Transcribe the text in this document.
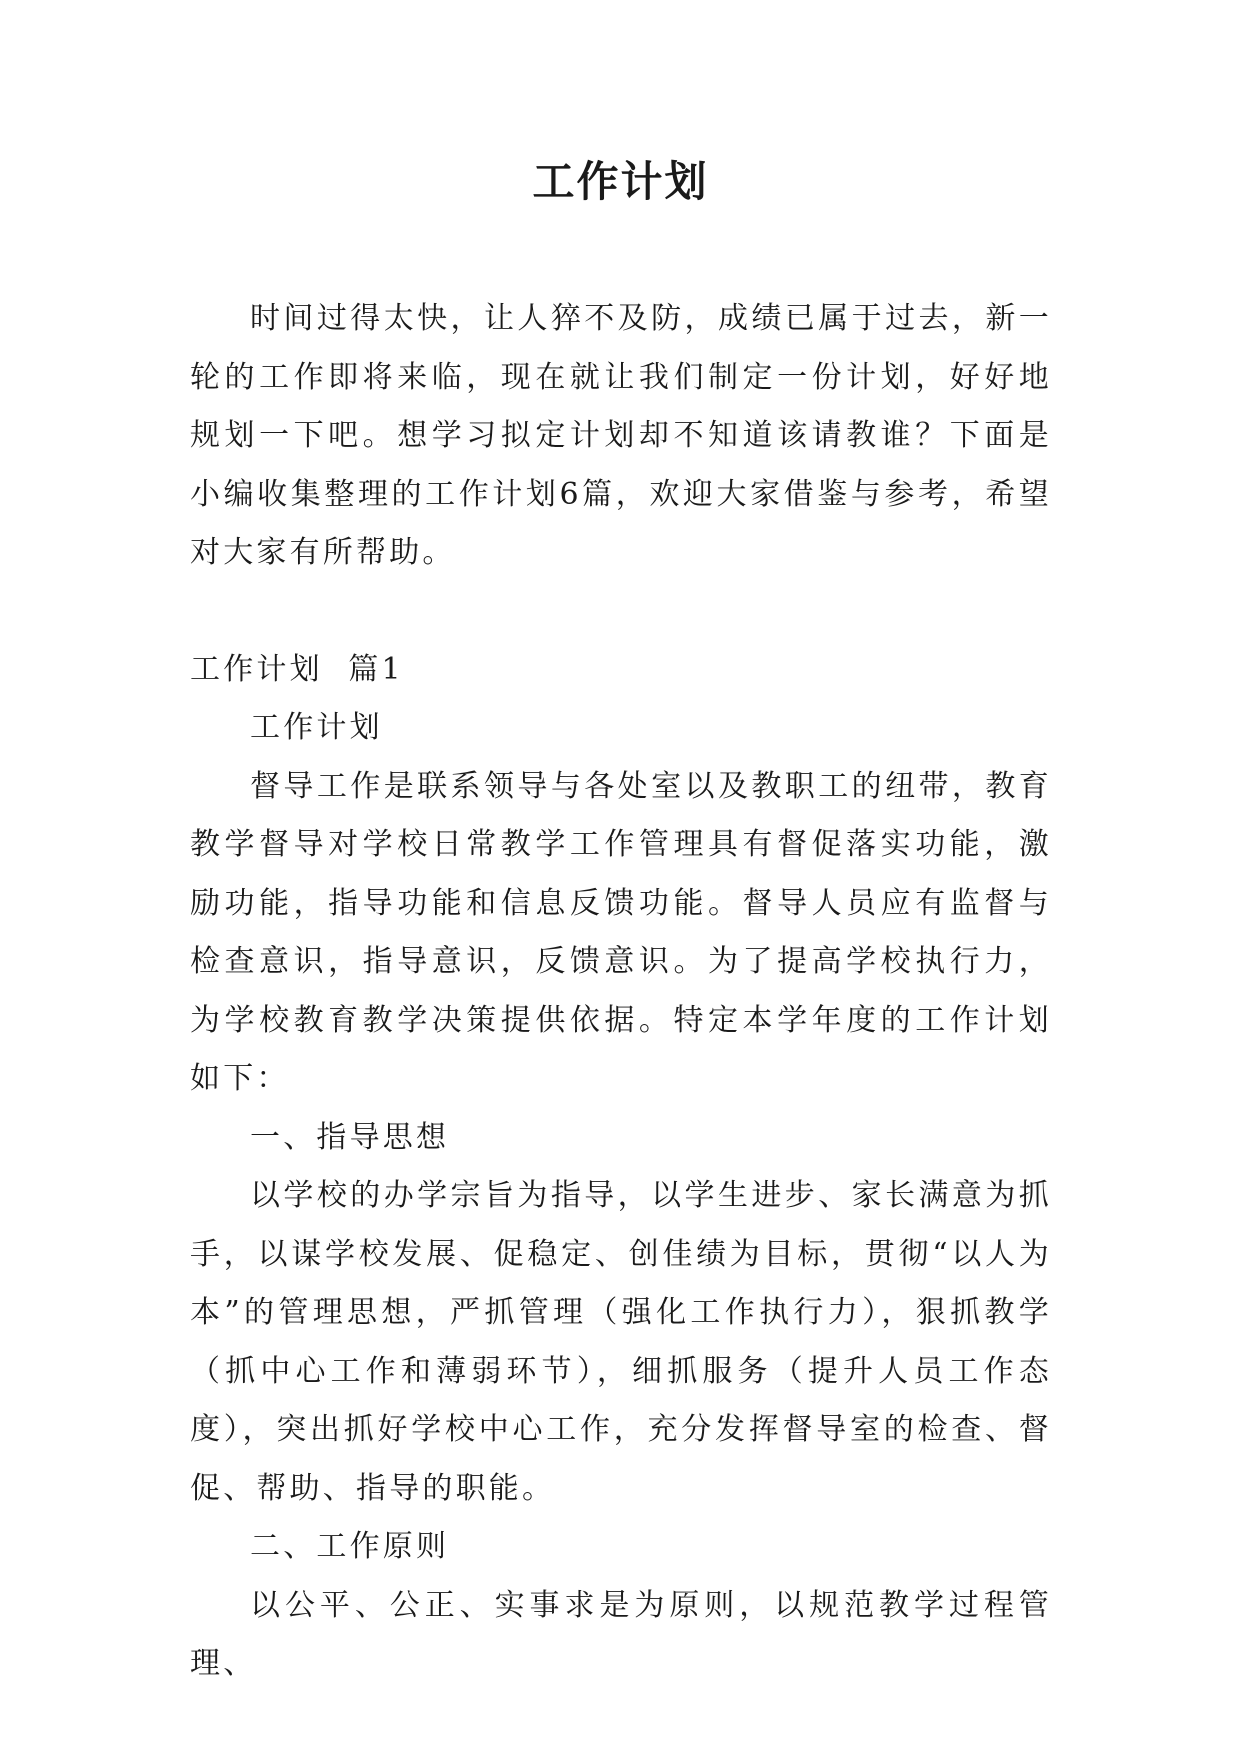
工作计划

时间过得太快，让人猝不及防，成绩已属于过去，新一轮的工作即将来临，现在就让我们制定一份计划，好好地规划一下吧。想学习拟定计划却不知道该请教谁？下面是小编收集整理的工作计划6篇，欢迎大家借鉴与参考，希望对大家有所帮助。

工作计划  篇1

工作计划

督导工作是联系领导与各处室以及教职工的纽带，教育教学督导对学校日常教学工作管理具有督促落实功能，激励功能，指导功能和信息反馈功能。督导人员应有监督与检查意识，指导意识，反馈意识。为了提高学校执行力，为学校教育教学决策提供依据。特定本学年度的工作计划如下：

一、指导思想

以学校的办学宗旨为指导，以学生进步、家长满意为抓手，以谋学校发展、促稳定、创佳绩为目标，贯彻“以人为本”的管理思想，严抓管理（强化工作执行力），狠抓教学（抓中心工作和薄弱环节），细抓服务（提升人员工作态度），突出抓好学校中心工作，充分发挥督导室的检查、督促、帮助、指导的职能。

二、工作原则

以公平、公正、实事求是为原则，以规范教学过程管理、
